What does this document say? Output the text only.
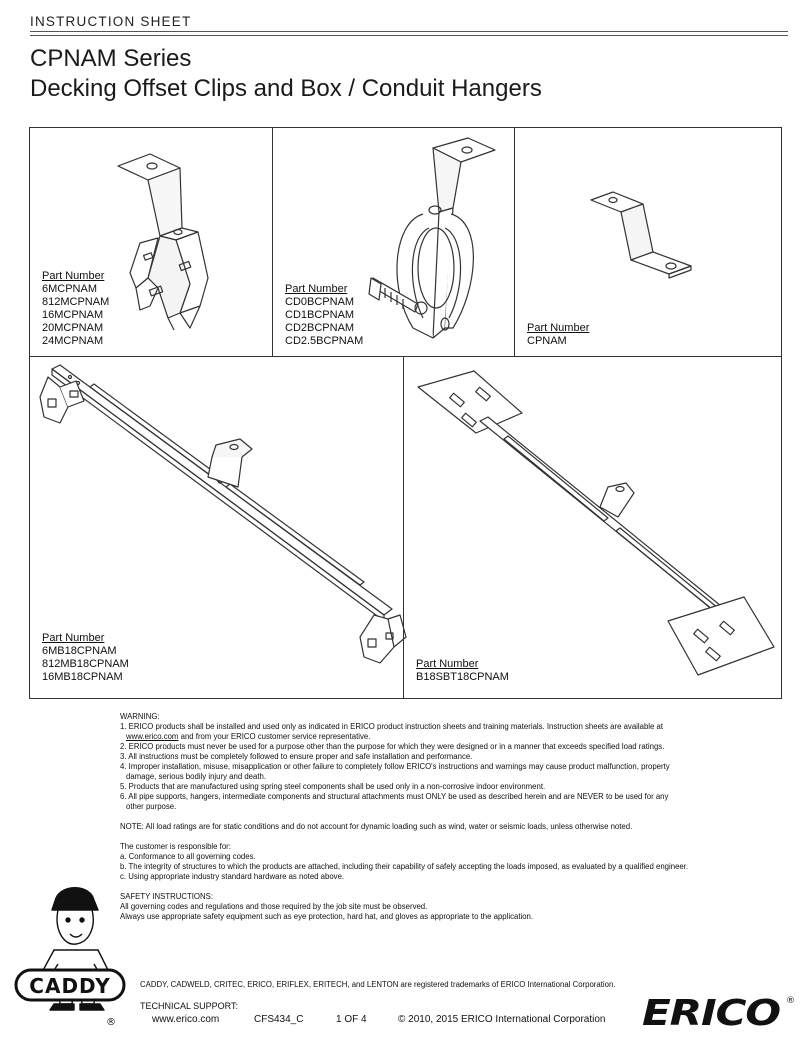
INSTRUCTION SHEET
CPNAM Series
Decking Offset Clips and Box / Conduit Hangers
Part Number
6MCPNAM
812MCPNAM
16MCPNAM
20MCPNAM
24MCPNAM
Part Number
CD0BCPNAM
CD1BCPNAM
CD2BCPNAM
CD2.5BCPNAM
Part Number
CPNAM
Part Number
6MB18CPNAM
812MB18CPNAM
16MB18CPNAM
Part Number
B18SBT18CPNAM

WARNING:

1. ERICO products shall be installed and used only as indicated in ERICO product instruction sheets and training materials. Instruction sheets are available at

www.erico.com and from your ERICO customer service representative.

2. ERICO products must never be used for a purpose other than the purpose for which they were designed or in a manner that exceeds specified load ratings.

3. All instructions must be completely followed to ensure proper and safe installation and performance.

4. Improper installation, misuse, misapplication or other failure to completely follow ERICO's instructions and warnings may cause product malfunction, property

damage, serious bodily injury and death.

5. Products that are manufactured using spring steel components shall be used only in a non-corrosive indoor environment.

6. All pipe supports, hangers, intermediate components and structural attachments must ONLY be used as described herein and are NEVER to be used for any

other purpose.

NOTE: All load ratings are for static conditions and do not account for dynamic loading such as wind, water or seismic loads, unless otherwise noted.

The customer is responsible for:

a. Conformance to all governing codes.

b. The integrity of structures to which the products are attached, including their capability of safely accepting the loads imposed, as evaluated by a qualified engineer.

c. Using appropriate industry standard hardware as noted above.

SAFETY INSTRUCTIONS:

All governing codes and regulations and those required by the job site must be observed.

Always use appropriate safety equipment such as eye protection, hard hat, and gloves as appropriate to the application.

CADDY
®
CADDY, CADWELD, CRITEC, ERICO, ERIFLEX, ERITECH, and LENTON are registered trademarks of ERICO International Corporation.
TECHNICAL SUPPORT:
www.erico.com	CFS434_C	1 OF 4	© 2010, 2015 ERICO International Corporation ERICO ®
